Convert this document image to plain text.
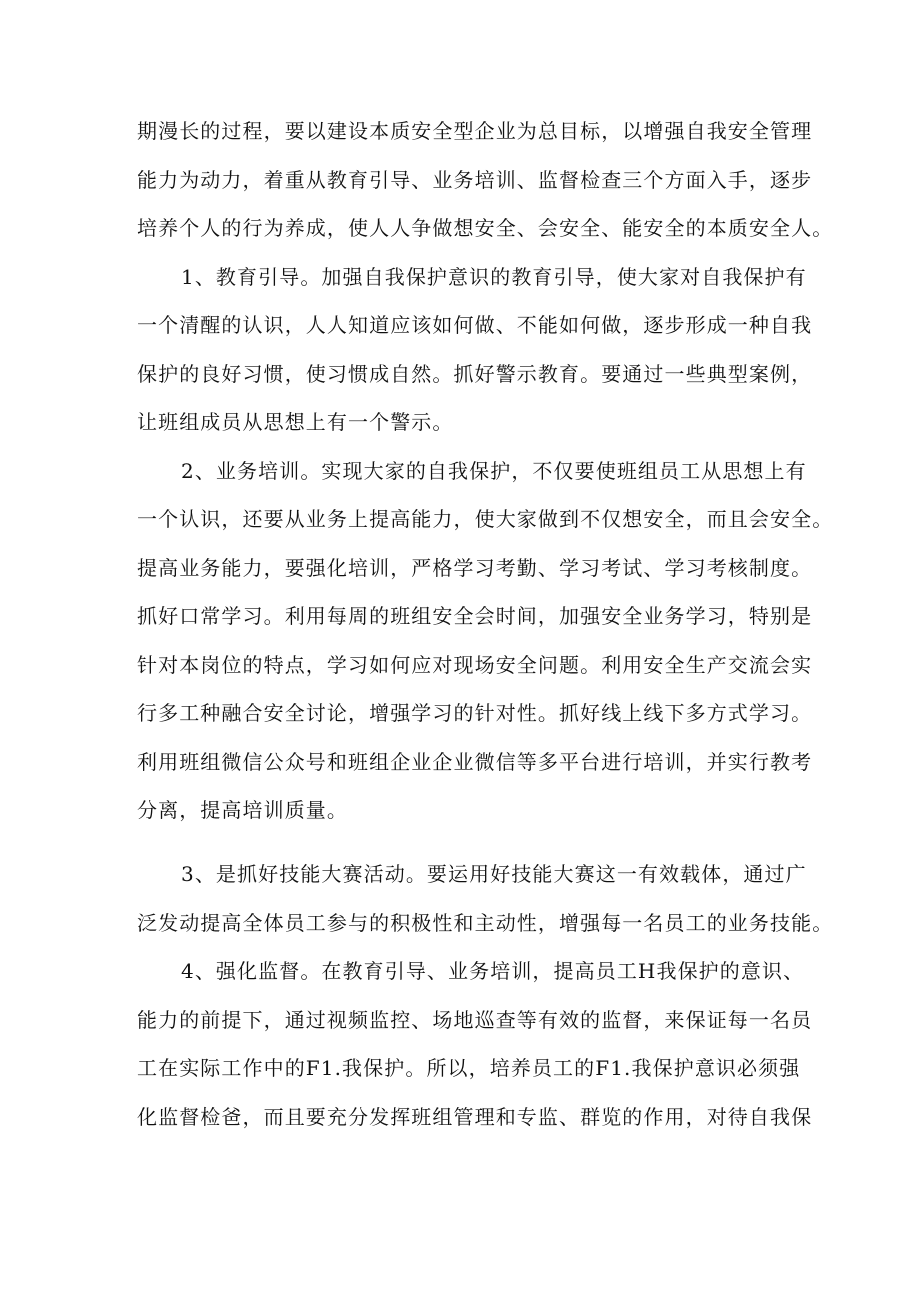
期漫长的过程，要以建设本质安全型企业为总目标，以增强自我安全管理
能力为动力，着重从教育引导、业务培训、监督检查三个方面入手，逐步
培养个人的行为养成，使人人争做想安全、会安全、能安全的本质安全人。
1、教育引导。加强自我保护意识的教育引导，使大家对自我保护有
一个清醒的认识，人人知道应该如何做、不能如何做，逐步形成一种自我
保护的良好习惯，使习惯成自然。抓好警示教育。要通过一些典型案例，
让班组成员从思想上有一个警示。
2、业务培训。实现大家的自我保护，不仅要使班组员工从思想上有
一个认识，还要从业务上提高能力，使大家做到不仅想安全，而且会安全。
提高业务能力，要强化培训，严格学习考勤、学习考试、学习考核制度。
抓好口常学习。利用每周的班组安全会时间，加强安全业务学习，特别是
针对本岗位的特点，学习如何应对现场安全问题。利用安全生产交流会实
行多工种融合安全讨论，增强学习的针对性。抓好线上线下多方式学习。
利用班组微信公众号和班组企业企业微信等多平台进行培训，并实行教考
分离，提高培训质量。
3、是抓好技能大赛活动。要运用好技能大赛这一有效载体，通过广
泛发动提高全体员工参与的积极性和主动性，增强每一名员工的业务技能。
4、强化监督。在教育引导、业务培训，提高员工H我保护的意识、
能力的前提下，通过视频监控、场地巡查等有效的监督，来保证每一名员
工在实际工作中的F1.我保护。所以，培养员工的F1.我保护意识必须强
化监督检爸，而且要充分发挥班组管理和专监、群览的作用，对待自我保
